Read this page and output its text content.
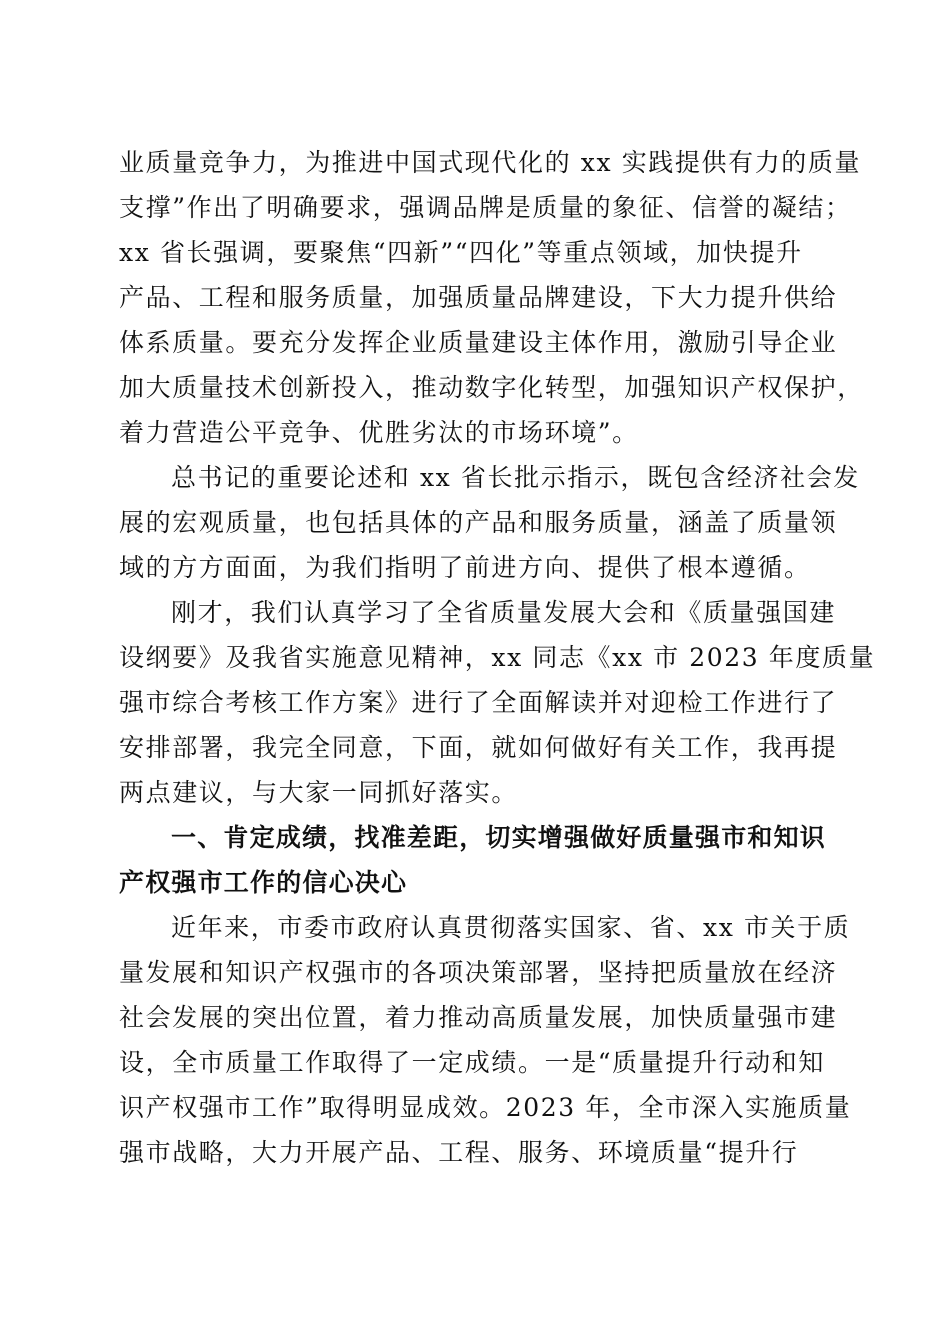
业质量竞争力，为推进中国式现代化的 xx 实践提供有力的质量
支撑”作出了明确要求，强调品牌是质量的象征、信誉的凝结；
xx 省长强调，要聚焦“四新”“四化”等重点领域，加快提升
产品、工程和服务质量，加强质量品牌建设，下大力提升供给
体系质量。要充分发挥企业质量建设主体作用，激励引导企业
加大质量技术创新投入，推动数字化转型，加强知识产权保护，
着力营造公平竞争、优胜劣汰的市场环境”。
总书记的重要论述和 xx 省长批示指示，既包含经济社会发
展的宏观质量，也包括具体的产品和服务质量，涵盖了质量领
域的方方面面，为我们指明了前进方向、提供了根本遵循。
刚才，我们认真学习了全省质量发展大会和《质量强国建
设纲要》及我省实施意见精神，xx 同志《xx 市 2023 年度质量
强市综合考核工作方案》进行了全面解读并对迎检工作进行了
安排部署，我完全同意，下面，就如何做好有关工作，我再提
两点建议，与大家一同抓好落实。
一、肯定成绩，找准差距，切实增强做好质量强市和知识
产权强市工作的信心决心
近年来，市委市政府认真贯彻落实国家、省、xx 市关于质
量发展和知识产权强市的各项决策部署，坚持把质量放在经济
社会发展的突出位置，着力推动高质量发展，加快质量强市建
设，全市质量工作取得了一定成绩。一是“质量提升行动和知
识产权强市工作”取得明显成效。2023 年，全市深入实施质量
强市战略，大力开展产品、工程、服务、环境质量“提升行
